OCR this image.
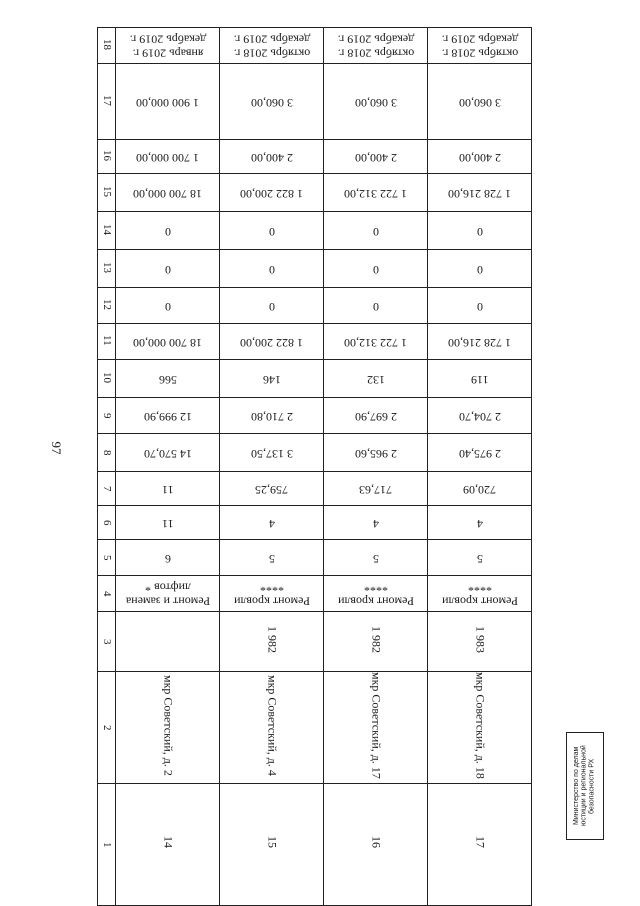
97
18	январь 2019 г. декабрь 2019 г.	октябрь 2018 г. декабрь 2019 г.	октябрь 2018 г. декабрь 2019 г.	октябрь 2018 г. декабрь 2019 г.
17	1 900 000,00	3 060,00	3 060,00	3 060,00
16	1 700 000,00	2 400,00	2 400,00	2 400,00
15	18 700 000,00	1 822 200,00	1 722 312,00	1 728 216,00
14	0	0	0	0
13	0	0	0	0
12	0	0	0	0
11	18 700 000,00	1 822 200,00	1 722 312,00	1 728 216,00
10	566	146	132	119
9	12 999,90	2 710,80	2 697,90	2 704,70
8	14 570,70	3 137,50	2 965,60	2 975,40
7	11	759,25	717,63	720,09
6	11	4	4	4
5	6	5	5	5
4	Ремонт и замена лифтов *	Ремонт кровли ****	Ремонт кровли ****	Ремонт кровли ****
3		1 982	1 982	1 983
2	мкр Советский, д. 2	мкр Советский, д. 4	мкр Советский, д. 17	мкр Советский, д. 18
1	14	15	16	17
Министерство по делам юстиции и региональной безопасности РХ
